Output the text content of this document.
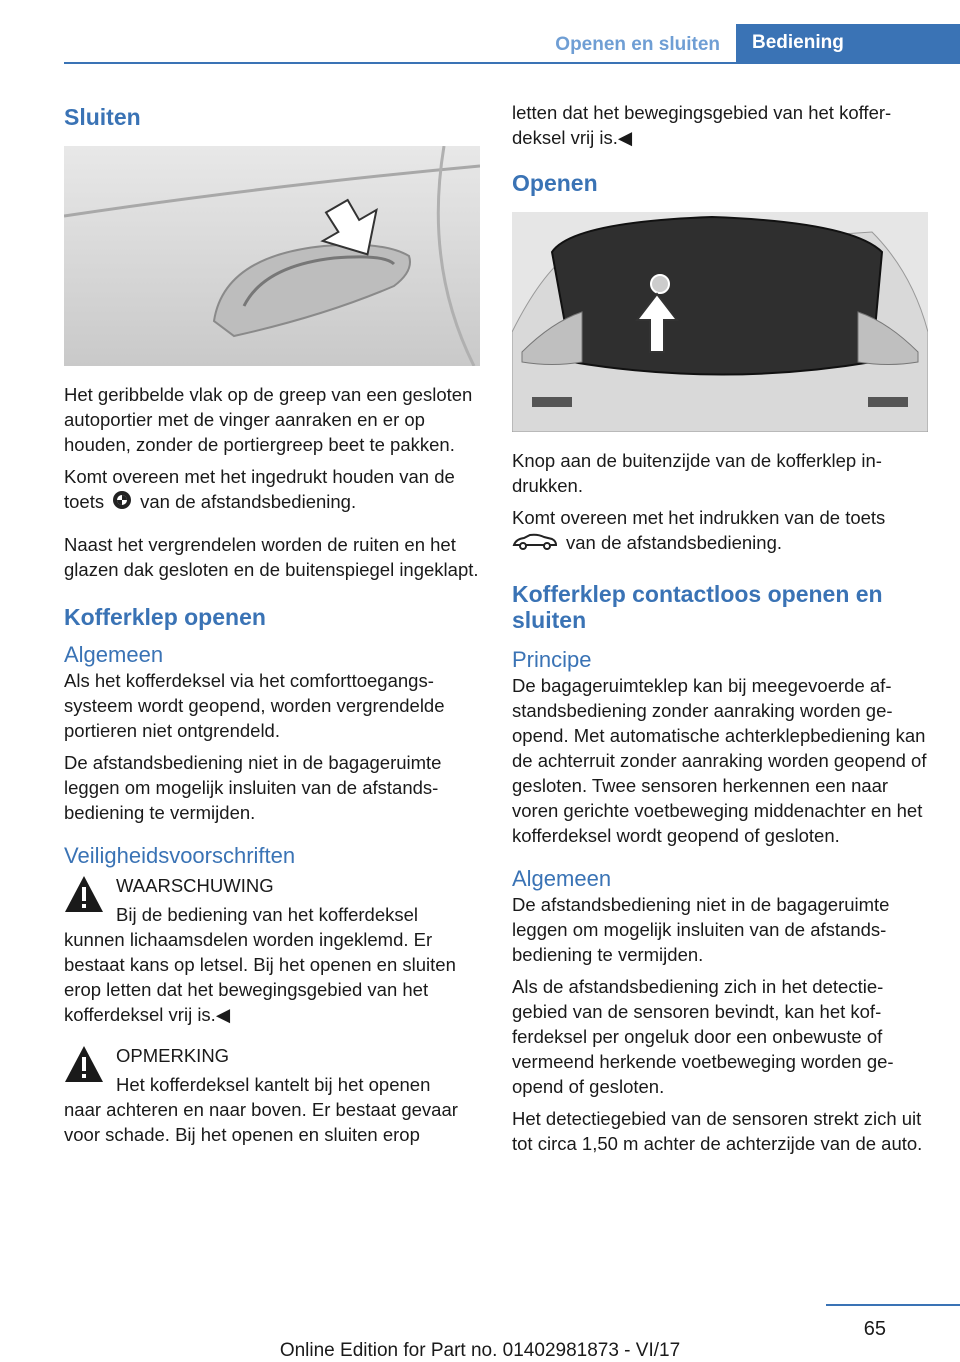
Openen en sluiten	Bediening
Sluiten

Het geribbelde vlak op de greep van een gesloten autoportier met de vinger aanraken en er op houden, zonder de portiergreep beet te pakken.

Komt overeen met het ingedrukt houden van de toets van de afstandsbediening.

Naast het vergrendelen worden de ruiten en het glazen dak gesloten en de buitenspiegel ingeklapt.

Kofferklep openen
Algemeen

Als het kofferdeksel via het comforttoegangssysteem wordt geopend, worden vergrendelde portieren niet ontgrendeld.

De afstandsbediening niet in de bagageruimte leggen om mogelijk insluiten van de afstandsbediening te vermijden.

Veiligheidsvoorschriften
WAARSCHUWING

Bij de bediening van het kofferdeksel

kunnen lichaamsdelen worden ingeklemd. Er bestaat kans op letsel. Bij het openen en sluiten erop letten dat het bewegingsgebied van het kofferdeksel vrij is.◀

OPMERKING

Het kofferdeksel kantelt bij het openen

naar achteren en naar boven. Er bestaat gevaar voor schade. Bij het openen en sluiten erop

letten dat het bewegingsgebied van het kofferdeksel vrij is.◀

Openen

Knop aan de buitenzijde van de kofferklep indrukken.

Komt overeen met het indrukken van de toets
van de afstandsbediening.

Kofferklep contactloos openen en sluiten
Principe

De bagageruimteklep kan bij meegevoerde afstandsbediening zonder aanraking worden geopend. Met automatische achterklepbediening kan de achterruit zonder aanraking worden geopend of gesloten. Twee sensoren herkennen een naar voren gerichte voetbeweging middenachter en het kofferdeksel wordt geopend of gesloten.

Algemeen

De afstandsbediening niet in de bagageruimte leggen om mogelijk insluiten van de afstandsbediening te vermijden.

Als de afstandsbediening zich in het detectiegebied van de sensoren bevindt, kan het kofferdeksel per ongeluk door een onbewuste of vermeend herkende voetbeweging worden geopend of gesloten.

Het detectiegebied van de sensoren strekt zich uit tot circa 1,50 m achter de achterzijde van de auto.

65
Online Edition for Part no. 01402981873 - VI/17
